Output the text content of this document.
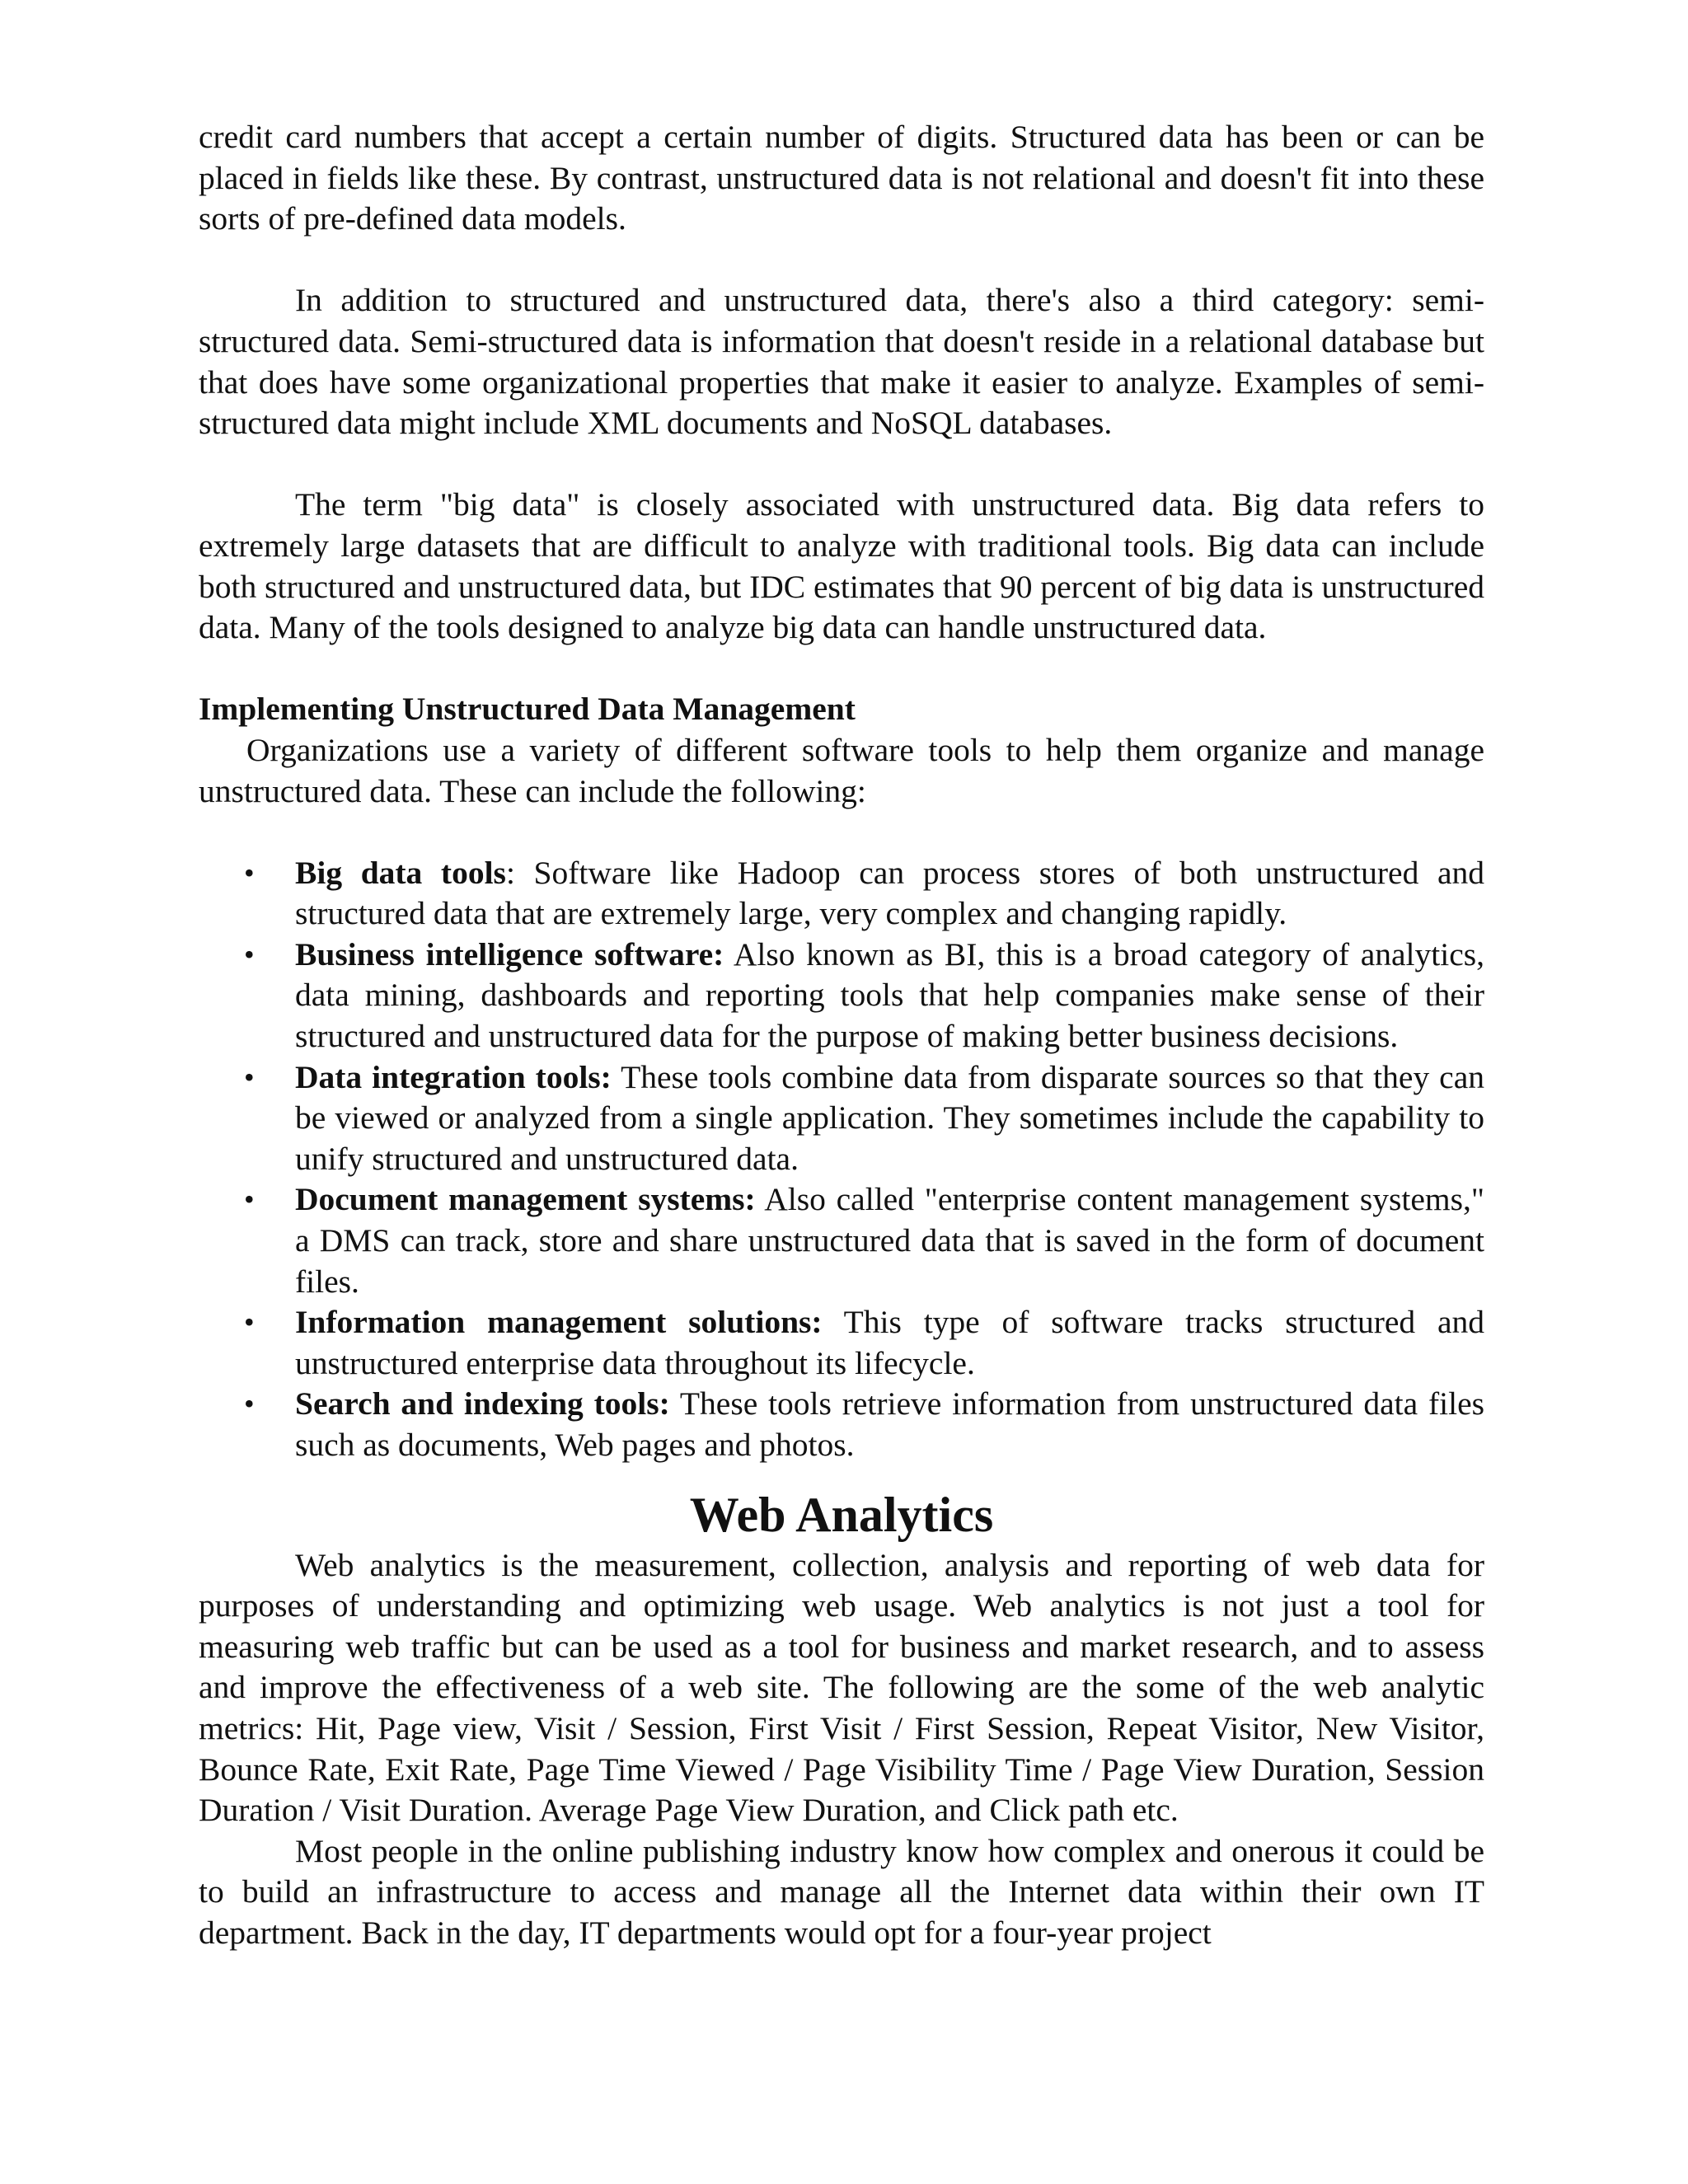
credit card numbers that accept a certain number of digits. Structured data has been or can be placed in fields like these. By contrast, unstructured data is not relational and doesn't fit into these sorts of pre-defined data models.

In addition to structured and unstructured data, there's also a third category: semi-structured data. Semi-structured data is information that doesn't reside in a relational database but that does have some organizational properties that make it easier to analyze. Examples of semi-structured data might include XML documents and NoSQL databases.

The term "big data" is closely associated with unstructured data. Big data refers to extremely large datasets that are difficult to analyze with traditional tools. Big data can include both structured and unstructured data, but IDC estimates that 90 percent of big data is unstructured data. Many of the tools designed to analyze big data can handle unstructured data.

Implementing Unstructured Data Management

Organizations use a variety of different software tools to help them organize and manage unstructured data. These can include the following:

• Big data tools: Software like Hadoop can process stores of both unstructured and structured data that are extremely large, very complex and changing rapidly.
• Business intelligence software: Also known as BI, this is a broad category of analytics, data mining, dashboards and reporting tools that help companies make sense of their structured and unstructured data for the purpose of making better business decisions.
• Data integration tools: These tools combine data from disparate sources so that they can be viewed or analyzed from a single application. They sometimes include the capability to unify structured and unstructured data.
• Document management systems: Also called "enterprise content management systems," a DMS can track, store and share unstructured data that is saved in the form of document files.
• Information management solutions: This type of software tracks structured and unstructured enterprise data throughout its lifecycle.
• Search and indexing tools: These tools retrieve information from unstructured data files such as documents, Web pages and photos.
Web Analytics

Web analytics is the measurement, collection, analysis and reporting of web data for purposes of understanding and optimizing web usage. Web analytics is not just a tool for measuring web traffic but can be used as a tool for business and market research, and to assess and improve the effectiveness of a web site. The following are the some of the web analytic metrics: Hit, Page view, Visit / Session, First Visit / First Session, Repeat Visitor, New Visitor, Bounce Rate, Exit Rate, Page Time Viewed / Page Visibility Time / Page View Duration, Session Duration / Visit Duration. Average Page View Duration, and Click path etc.

Most people in the online publishing industry know how complex and onerous it could be to build an infrastructure to access and manage all the Internet data within their own IT department. Back in the day, IT departments would opt for a four-year project
